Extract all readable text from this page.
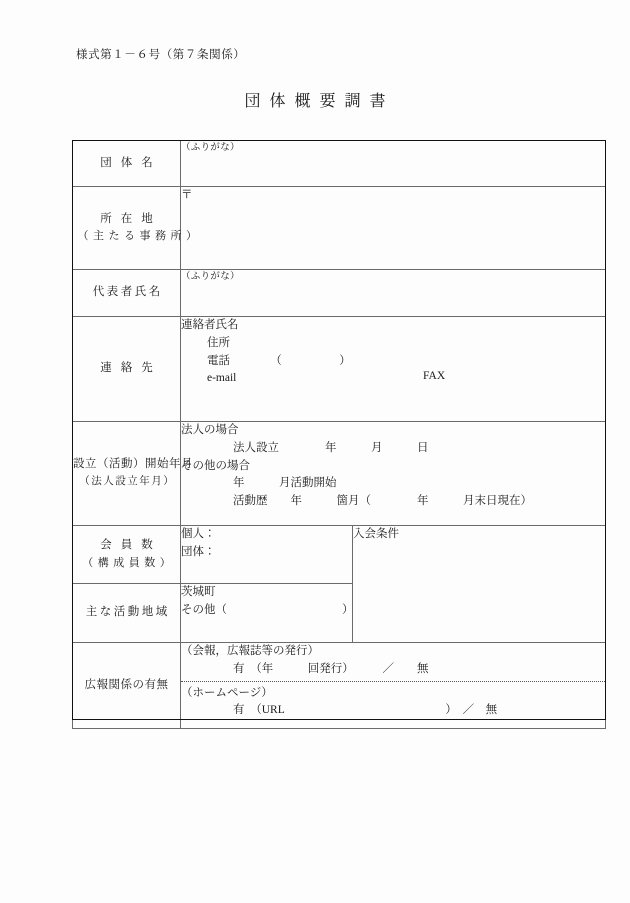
様式第１－６号（第７条関係）
団体概要調書
団体名	（ふりがな）	

所在地
（主たる事務所）	〒	

代表者氏名	（ふりがな）	

連絡先	連絡者氏名
住所
電話　　　　（　　　　　）
e-mail FAX	

設立（活動）開始年月
（法人設立年月）	法人の場合
法人設立　　　　年　　　月　　　日
その他の場合
年　　　月活動開始
活動歴　　年　　　箇月（　　　　年　　　月末日現在）	

会員数
（構成員数）	個人：
団体：	入会条件

主な活動地域	茨城町
その他（　　　　　　　　　　）	

広報関係の有無	（会報，広報誌等の発行）
有　（年　　　回発行）　　　／　　無
（ホームページ）
有　（URL　　　　　　　　　　　　　　）　／　無	
